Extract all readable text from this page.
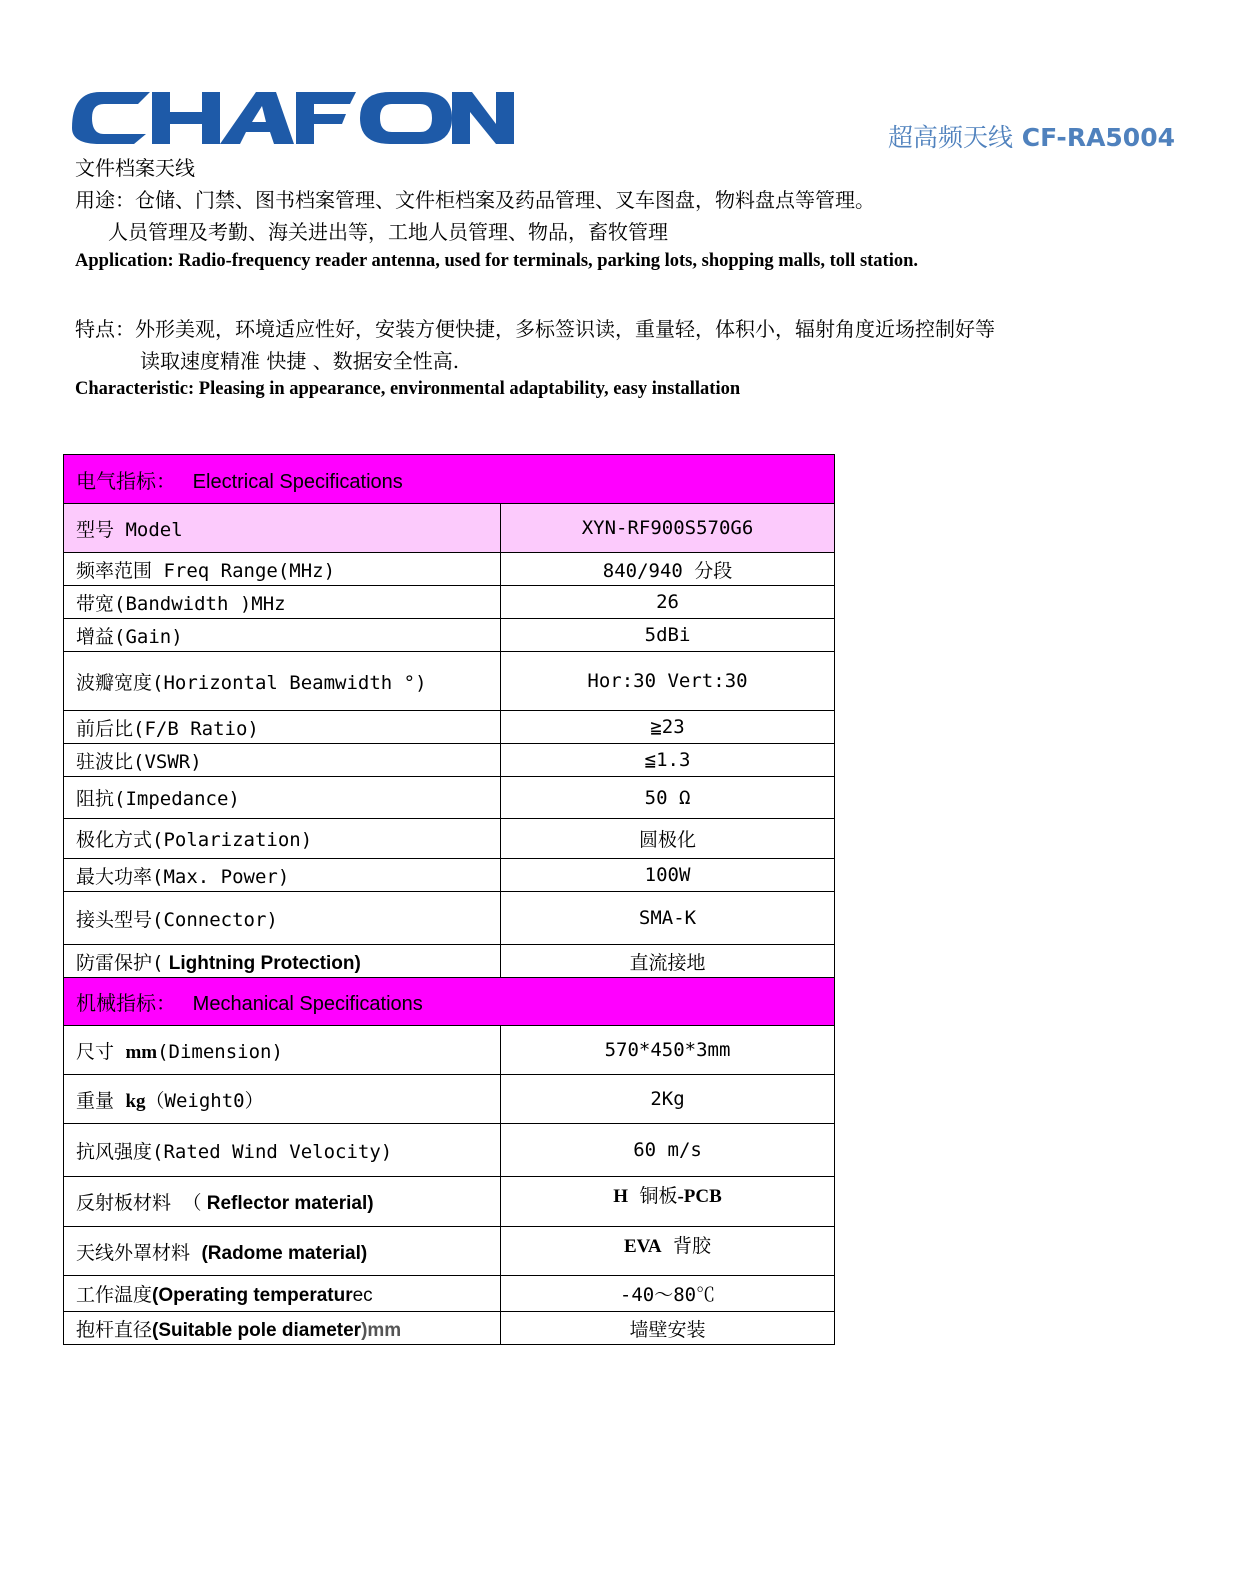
超高频天线 CF-RA5004
文件档案天线
用途：仓储、门禁、图书档案管理、文件柜档案及药品管理、叉车图盘，物料盘点等管理。
人员管理及考勤、海关进出等，工地人员管理、物品，畜牧管理
Application: Radio-frequency reader antenna, used for terminals, parking lots, shopping malls, toll station.
特点：外形美观，环境适应性好，安装方便快捷，多标签识读，重量轻，体积小，辐射角度近场控制好等
读取速度精准 快捷 、数据安全性高.
Characteristic: Pleasing in appearance, environmental adaptability, easy installation
电气指标： Electrical Specifications	
型号 Model	XYN-RF900S570G6
频率范围 Freq Range(MHz)	840/940 分段
带宽(Bandwidth )MHz	26
增益(Gain)	5dBi
波瓣宽度(Horizontal Beamwidth °)	Hor:30 Vert:30
前后比(F/B Ratio)	≧23
驻波比(VSWR)	≦1.3
阻抗(Impedance)	50 Ω
极化方式(Polarization)	圆极化
最大功率(Max. Power)	100W
接头型号(Connector)	SMA-K
防雷保护( Lightning Protection)	直流接地
机械指标： Mechanical Specifications	
尺寸 mm(Dimension)	570*450*3mm
重量 kg（Weight0）	2Kg
抗风强度(Rated Wind Velocity)	60 m/s
反射板材料 （ Reflector material)	H 铜板-PCB
天线外罩材料 (Radome material)	EVA 背胶
工作温度(Operating temperaturec	-40～80℃
抱杆直径(Suitable pole diameter)mm	墙壁安装
